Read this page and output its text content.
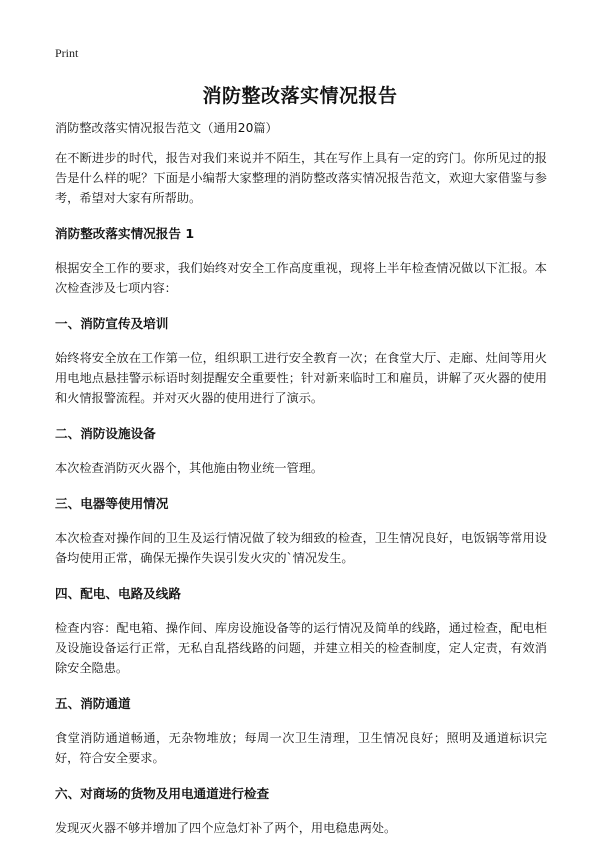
Print
消防整改落实情况报告

消防整改落实情况报告范文（通用20篇）

在不断进步的时代，报告对我们来说并不陌生，其在写作上具有一定的窍门。你所见过的报告是什么样的呢？下面是小编帮大家整理的消防整改落实情况报告范文，欢迎大家借鉴与参考，希望对大家有所帮助。

消防整改落实情况报告 1

根据安全工作的要求，我们始终对安全工作高度重视，现将上半年检查情况做以下汇报。本次检查涉及七项内容：

一、消防宣传及培训

始终将安全放在工作第一位，组织职工进行安全教育一次；在食堂大厅、走廊、灶间等用火用电地点悬挂警示标语时刻提醒安全重要性；针对新来临时工和雇员，讲解了灭火器的使用和火情报警流程。并对灭火器的使用进行了演示。

二、消防设施设备

本次检查消防灭火器个，其他施由物业统一管理。

三、电器等使用情况

本次检查对操作间的卫生及运行情况做了较为细致的检查，卫生情况良好，电饭锅等常用设备均使用正常，确保无操作失误引发火灾的`情况发生。

四、配电、电路及线路

检查内容：配电箱、操作间、库房设施设备等的运行情况及简单的线路，通过检查，配电柜及设施设备运行正常，无私自乱搭线路的问题，并建立相关的检查制度，定人定责，有效消除安全隐患。

五、消防通道

食堂消防通道畅通，无杂物堆放；每周一次卫生清理，卫生情况良好；照明及通道标识完好，符合安全要求。

六、对商场的货物及用电通道进行检查

发现灭火器不够并增加了四个应急灯补了两个，用电稳患两处。
